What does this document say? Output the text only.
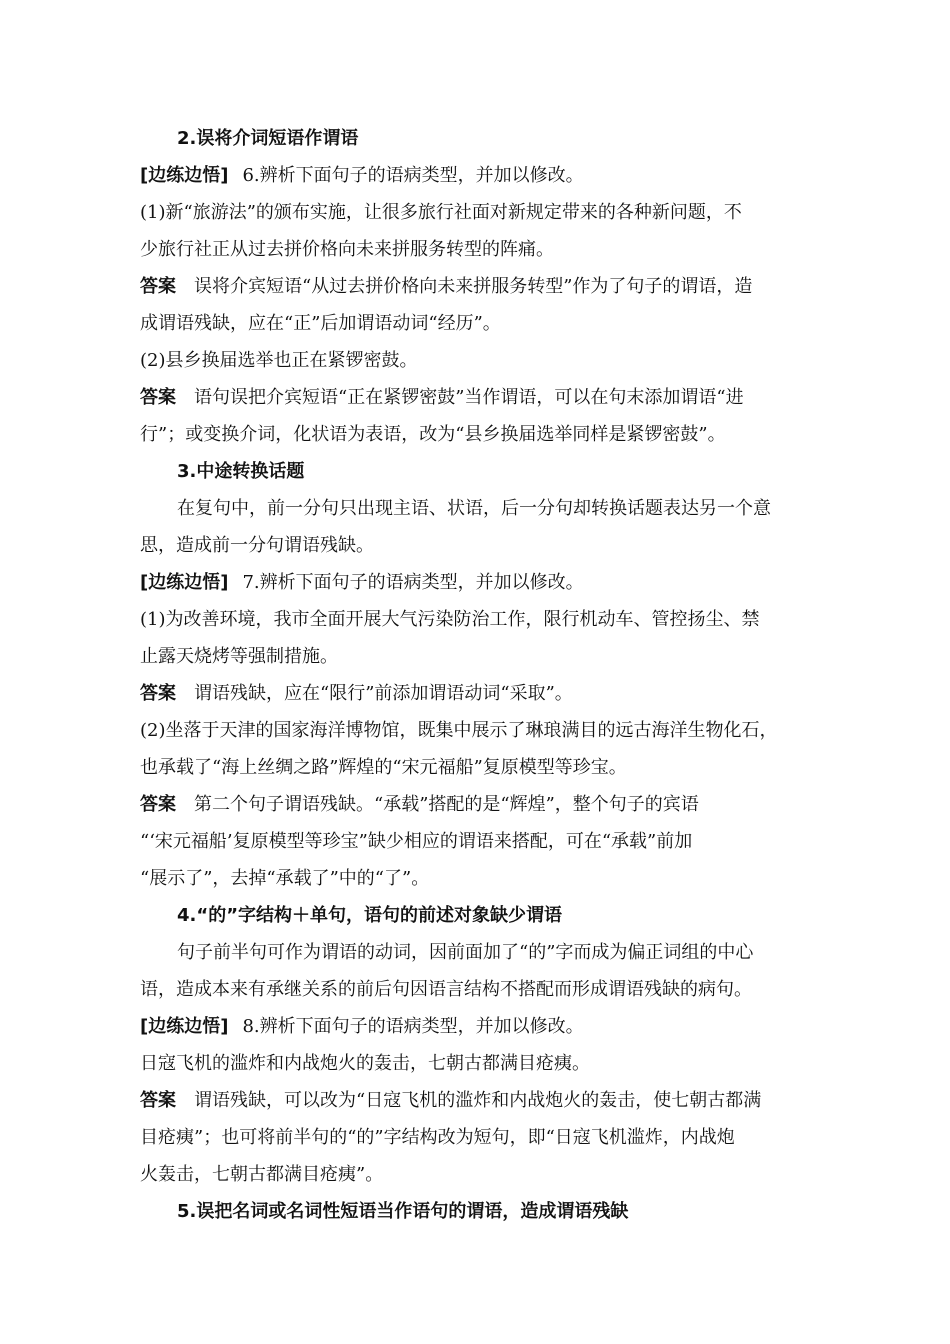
2.误将介词短语作谓语
[边练边悟] 6.辨析下面句子的语病类型，并加以修改。
(1)新“旅游法”的颁布实施，让很多旅行社面对新规定带来的各种新问题，不
少旅行社正从过去拼价格向未来拼服务转型的阵痛。
答案 误将介宾短语“从过去拼价格向未来拼服务转型”作为了句子的谓语，造
成谓语残缺，应在“正”后加谓语动词“经历”。
(2)县乡换届选举也正在紧锣密鼓。
答案 语句误把介宾短语“正在紧锣密鼓”当作谓语，可以在句末添加谓语“进
行”；或变换介词，化状语为表语，改为“县乡换届选举同样是紧锣密鼓”。
3.中途转换话题
在复句中，前一分句只出现主语、状语，后一分句却转换话题表达另一个意
思，造成前一分句谓语残缺。
[边练边悟] 7.辨析下面句子的语病类型，并加以修改。
(1)为改善环境，我市全面开展大气污染防治工作，限行机动车、管控扬尘、禁
止露天烧烤等强制措施。
答案 谓语残缺，应在“限行”前添加谓语动词“采取”。
(2)坐落于天津的国家海洋博物馆，既集中展示了琳琅满目的远古海洋生物化石，
也承载了“海上丝绸之路”辉煌的“宋元福船”复原模型等珍宝。
答案 第二个句子谓语残缺。“承载”搭配的是“辉煌”，整个句子的宾语
“‘宋元福船’复原模型等珍宝”缺少相应的谓语来搭配，可在“承载”前加
“展示了”，去掉“承载了”中的“了”。
4.“的”字结构＋单句，语句的前述对象缺少谓语
句子前半句可作为谓语的动词，因前面加了“的”字而成为偏正词组的中心
语，造成本来有承继关系的前后句因语言结构不搭配而形成谓语残缺的病句。
[边练边悟] 8.辨析下面句子的语病类型，并加以修改。
日寇飞机的滥炸和内战炮火的轰击，七朝古都满目疮痍。
答案 谓语残缺，可以改为“日寇飞机的滥炸和内战炮火的轰击，使七朝古都满
目疮痍”；也可将前半句的“的”字结构改为短句，即“日寇飞机滥炸，内战炮
火轰击，七朝古都满目疮痍”。
5.误把名词或名词性短语当作语句的谓语，造成谓语残缺
